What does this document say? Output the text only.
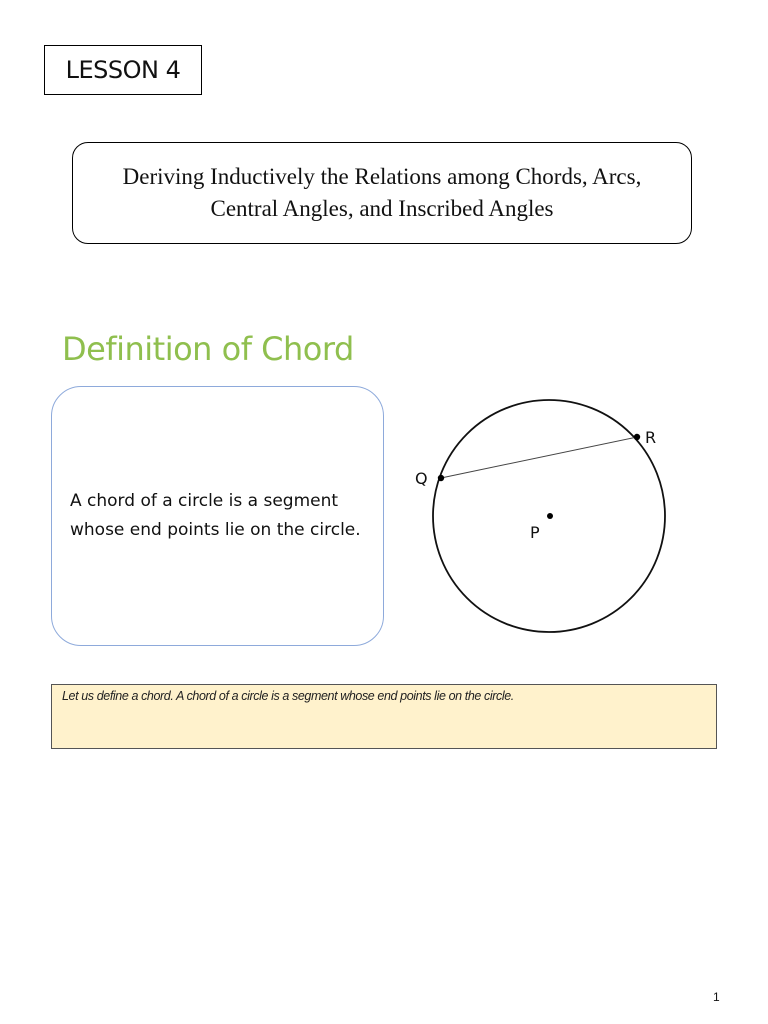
LESSON 4
Deriving Inductively the Relations among Chords, Arcs,
Central Angles, and Inscribed Angles
Definition of Chord
A chord of a circle is a segment whose end points lie on the circle.
Q
R
P
Let us define a chord. A chord of a circle is a segment whose end points lie on the circle.
1
